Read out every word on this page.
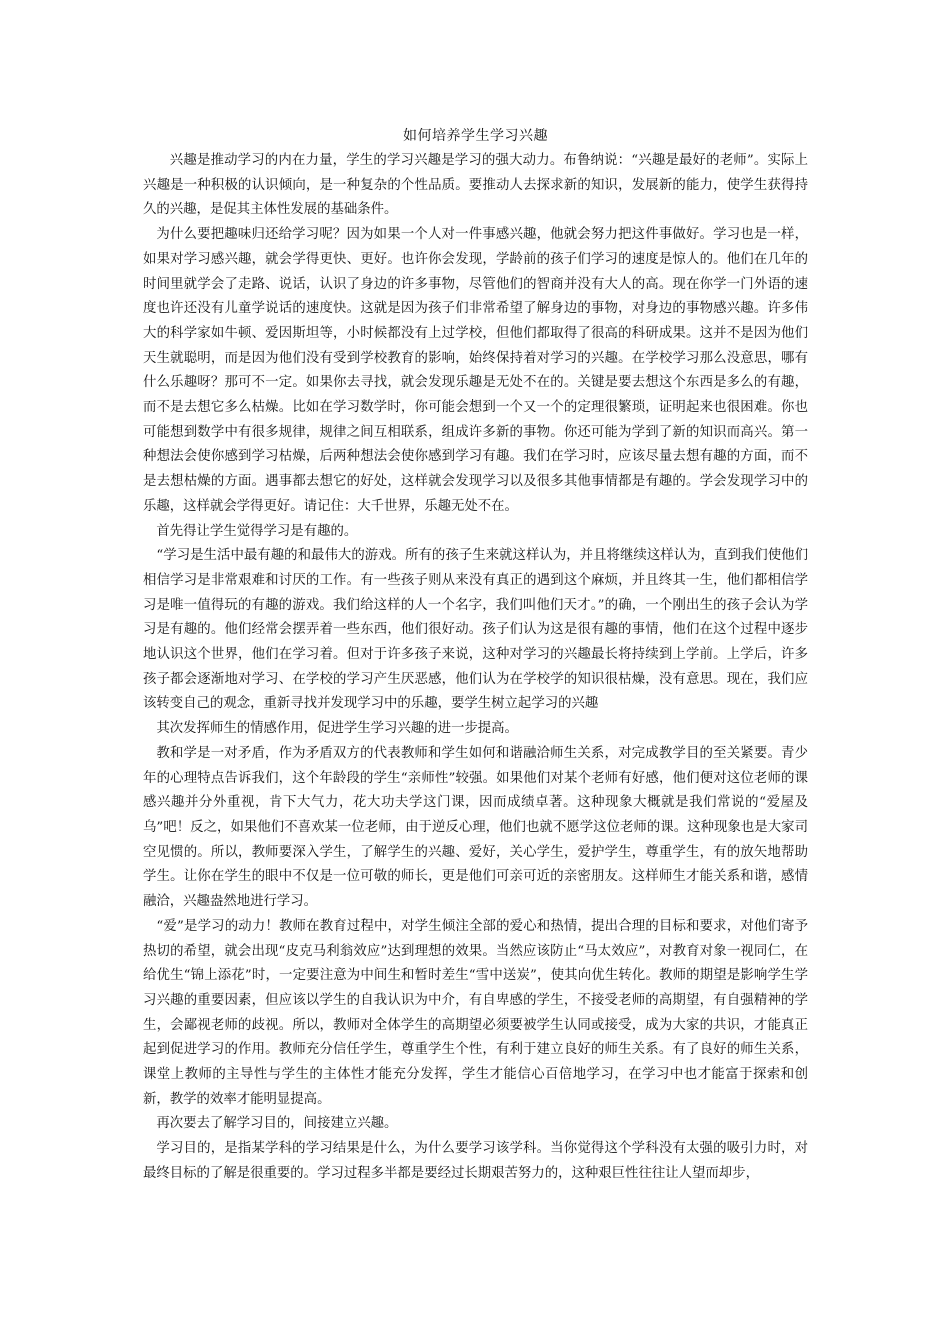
如何培养学生学习兴趣

兴趣是推动学习的内在力量，学生的学习兴趣是学习的强大动力。布鲁纳说：“兴趣是最好的老师”。实际上兴趣是一种积极的认识倾向，是一种复杂的个性品质。要推动人去探求新的知识，发展新的能力，使学生获得持久的兴趣，是促其主体性发展的基础条件。

为什么要把趣味归还给学习呢？因为如果一个人对一件事感兴趣，他就会努力把这件事做好。学习也是一样，如果对学习感兴趣，就会学得更快、更好。也许你会发现，学龄前的孩子们学习的速度是惊人的。他们在几年的时间里就学会了走路、说话，认识了身边的许多事物，尽管他们的智商并没有大人的高。现在你学一门外语的速度也许还没有儿童学说话的速度快。这就是因为孩子们非常希望了解身边的事物，对身边的事物感兴趣。许多伟大的科学家如牛顿、爱因斯坦等，小时候都没有上过学校，但他们都取得了很高的科研成果。这并不是因为他们天生就聪明，而是因为他们没有受到学校教育的影响，始终保持着对学习的兴趣。在学校学习那么没意思，哪有什么乐趣呀？那可不一定。如果你去寻找，就会发现乐趣是无处不在的。关键是要去想这个东西是多么的有趣，而不是去想它多么枯燥。比如在学习数学时，你可能会想到一个又一个的定理很繁琐，证明起来也很困难。你也可能想到数学中有很多规律，规律之间互相联系，组成许多新的事物。你还可能为学到了新的知识而高兴。第一种想法会使你感到学习枯燥，后两种想法会使你感到学习有趣。我们在学习时，应该尽量去想有趣的方面，而不是去想枯燥的方面。遇事都去想它的好处，这样就会发现学习以及很多其他事情都是有趣的。学会发现学习中的乐趣，这样就会学得更好。请记住：大千世界，乐趣无处不在。

首先得让学生觉得学习是有趣的。

“学习是生活中最有趣的和最伟大的游戏。所有的孩子生来就这样认为，并且将继续这样认为，直到我们使他们相信学习是非常艰难和讨厌的工作。有一些孩子则从来没有真正的遇到这个麻烦，并且终其一生，他们都相信学习是唯一值得玩的有趣的游戏。我们给这样的人一个名字，我们叫他们天才。”的确，一个刚出生的孩子会认为学习是有趣的。他们经常会摆弄着一些东西，他们很好动。孩子们认为这是很有趣的事情，他们在这个过程中逐步地认识这个世界，他们在学习着。但对于许多孩子来说，这种对学习的兴趣最长将持续到上学前。上学后，许多孩子都会逐渐地对学习、在学校的学习产生厌恶感，他们认为在学校学的知识很枯燥，没有意思。现在，我们应该转变自己的观念，重新寻找并发现学习中的乐趣，要学生树立起学习的兴趣

其次发挥师生的情感作用，促进学生学习兴趣的进一步提高。

教和学是一对矛盾，作为矛盾双方的代表教师和学生如何和谐融洽师生关系，对完成教学目的至关紧要。青少年的心理特点告诉我们，这个年龄段的学生“亲师性”较强。如果他们对某个老师有好感，他们便对这位老师的课感兴趣并分外重视，肯下大气力，花大功夫学这门课，因而成绩卓著。这种现象大概就是我们常说的“爱屋及乌”吧！反之，如果他们不喜欢某一位老师，由于逆反心理，他们也就不愿学这位老师的课。这种现象也是大家司空见惯的。所以，教师要深入学生，了解学生的兴趣、爱好，关心学生，爱护学生，尊重学生，有的放矢地帮助学生。让你在学生的眼中不仅是一位可敬的师长，更是他们可亲可近的亲密朋友。这样师生才能关系和谐，感情融洽，兴趣盎然地进行学习。

“爱”是学习的动力！教师在教育过程中，对学生倾注全部的爱心和热情，提出合理的目标和要求，对他们寄予热切的希望，就会出现“皮克马利翁效应”达到理想的效果。当然应该防止“马太效应”，对教育对象一视同仁，在给优生“锦上添花”时，一定要注意为中间生和暂时差生“雪中送炭”，使其向优生转化。教师的期望是影响学生学习兴趣的重要因素，但应该以学生的自我认识为中介，有自卑感的学生，不接受老师的高期望，有自强精神的学生，会鄙视老师的歧视。所以，教师对全体学生的高期望必须要被学生认同或接受，成为大家的共识，才能真正起到促进学习的作用。教师充分信任学生，尊重学生个性，有利于建立良好的师生关系。有了良好的师生关系，课堂上教师的主导性与学生的主体性才能充分发挥，学生才能信心百倍地学习，在学习中也才能富于探索和创新，教学的效率才能明显提高。

再次要去了解学习目的，间接建立兴趣。

学习目的，是指某学科的学习结果是什么，为什么要学习该学科。当你觉得这个学科没有太强的吸引力时，对最终目标的了解是很重要的。学习过程多半都是要经过长期艰苦努力的，这种艰巨性往往让人望而却步，
